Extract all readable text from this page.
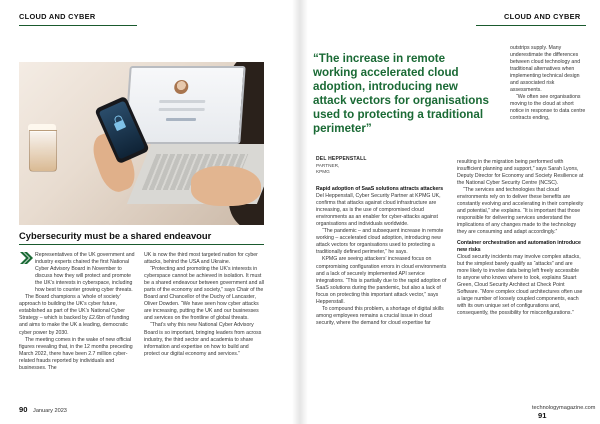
CLOUD AND CYBER
Cybersecurity must be a shared endeavour

Representatives of the UK government and industry experts chaired the first National Cyber Advisory Board in November to discuss how they will protect and promote the UK’s interests in cyberspace, including how best to counter growing cyber threats.

The Board champions a ‘whole of society’ approach to building the UK’s cyber future, established as part of the UK’s National Cyber Strategy – which is backed by £2.6bn of funding and aims to make the UK a leading, democratic cyber power by 2030.

The meeting comes in the wake of new official figures revealing that, in the 12 months preceding March 2022, there have been 2.7 million cyber-related frauds reported by individuals and businesses. The

UK is now the third most targeted nation for cyber attacks, behind the USA and Ukraine.

“Protecting and promoting the UK’s interests in cyberspace cannot be achieved in isolation. It must be a shared endeavour between government and all parts of the economy and society,” says Chair of the Board and Chancellor of the Duchy of Lancaster, Oliver Dowden. “We have seen how cyber attacks are increasing, putting the UK and our businesses and services on the frontline of global threats.

“That’s why this new National Cyber Advisory Board is so important, bringing leaders from across industry, the third sector and academia to share information and expertise on how to build and protect our digital economy and services.”

90 January 2023
CLOUD AND CYBER
“The increase in remote working accelerated cloud adoption, introducing new attack vectors for organisations used to protecting a traditional perimeter”
DEL HEPPENSTALL
PARTNER,
KPMG

Rapid adoption of SaaS solutions attracts attackers

Del Heppenstall, Cyber Security Partner at KPMG UK, confirms that attacks against cloud infrastructure are increasing, as is the use of compromised cloud environments as an enabler for cyber-attacks against organisations and individuals worldwide.

“The pandemic – and subsequent increase in remote working – accelerated cloud adoption, introducing new attack vectors for organisations used to protecting a traditionally defined perimeter,” he says.

KPMG are seeing attackers’ increased focus on compromising configuration errors in cloud environments and a lack of securely implemented API service integrations. “This is partially due to the rapid adoption of SaaS solutions during the pandemic, but also a lack of focus on protecting this important attack vector,” says Heppenstall.

To compound this problem, a shortage of digital skills among employees remains a crucial issue in cloud security, where the demand for cloud expertise far

outstrips supply. Many underestimate the differences between cloud technology and traditional alternatives when implementing technical design and associated risk assessments.

“We often see organisations moving to the cloud at short notice in response to data centre contracts ending,

resulting in the migration being performed with insufficient planning and support,” says Sarah Lyons, Deputy Director for Economy and Society Resilience at the National Cyber Security Centre (NCSC).

“The services and technologies that cloud environments rely on to deliver these benefits are constantly evolving and accelerating in their complexity and potential,” she explains. “It is important that those responsible for delivering services understand the implications of any changes made to the technology they are consuming and adapt accordingly.”

Container orchestration and automation introduce new risks

Cloud security incidents may involve complex attacks, but the simplest barely qualify as “attacks” and are more likely to involve data being left freely accessible to anyone who knows where to look, explains Stuart Green, Cloud Security Architect at Check Point Software. “More complex cloud architectures often use a large number of loosely coupled components, each with its own unique set of configurations and, consequently, the possibility for misconfigurations.”

technologymagazine.com 91
